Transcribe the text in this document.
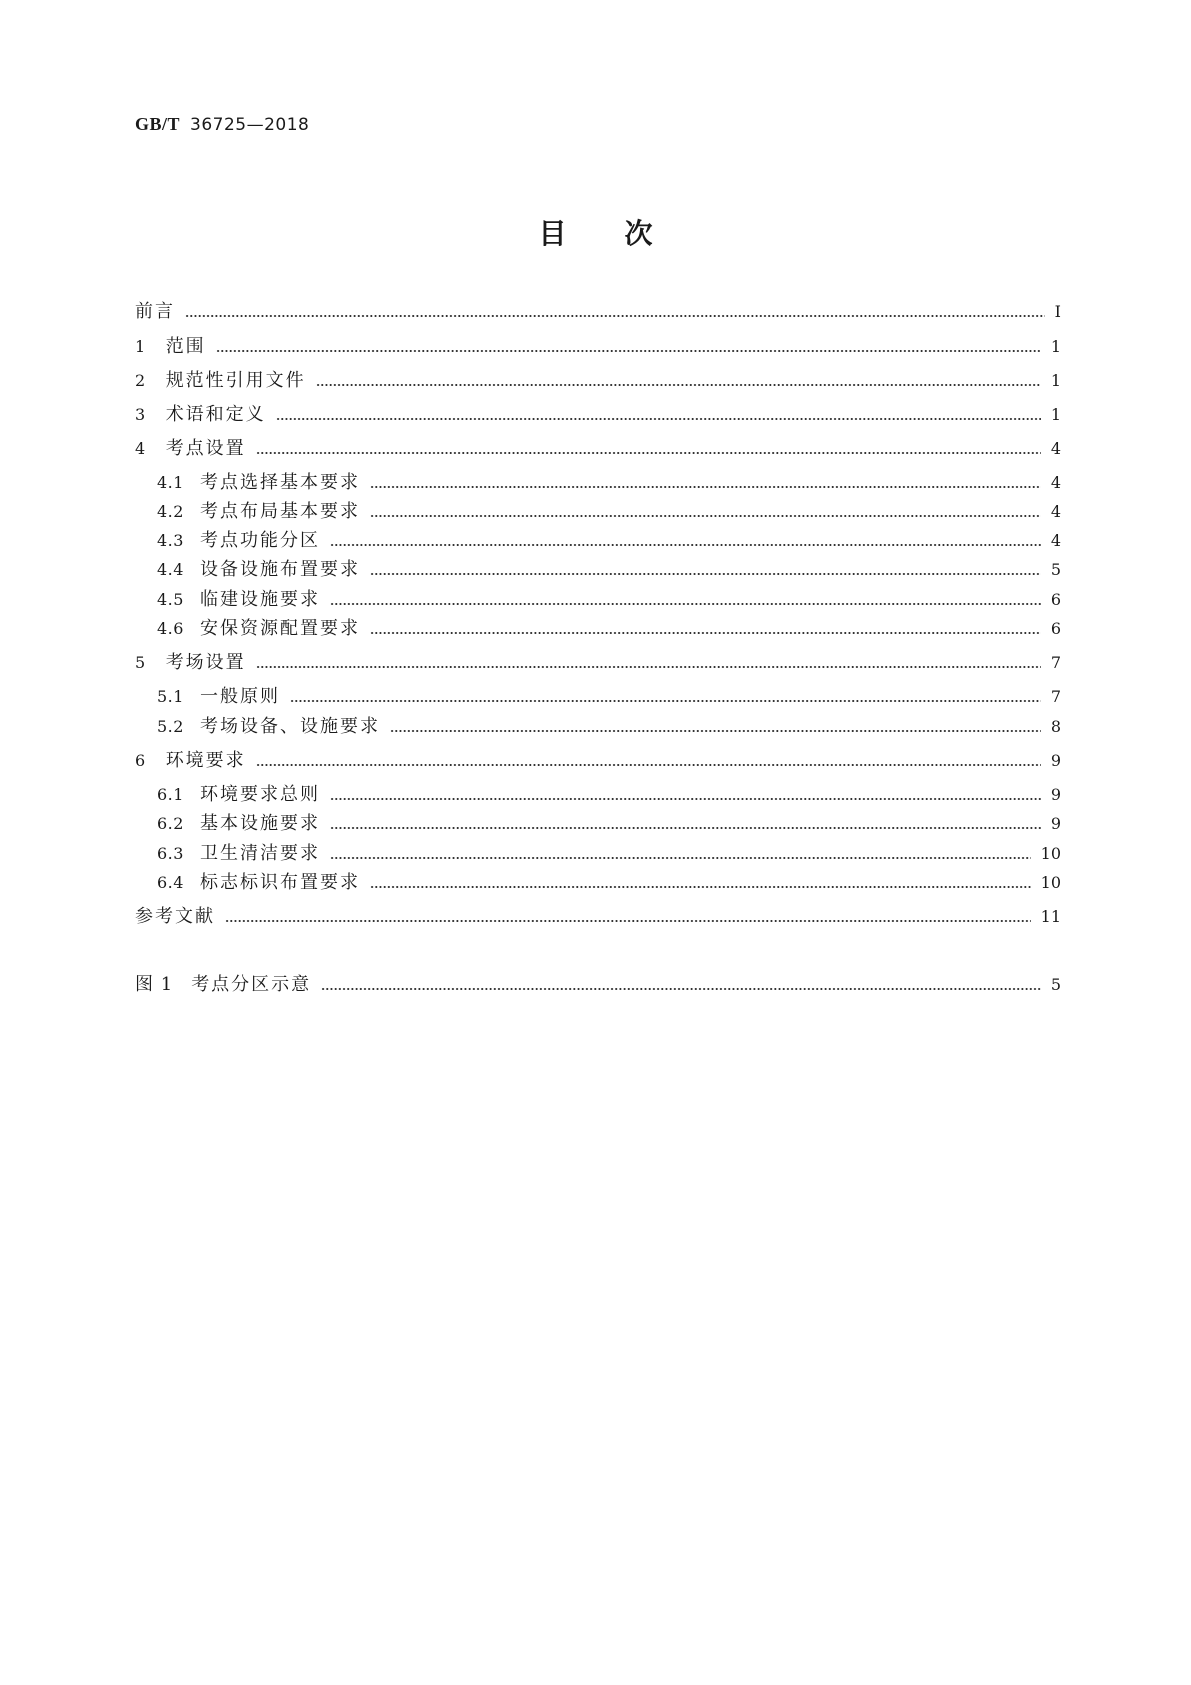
GB/T 36725—2018
目 次
前言	Ⅰ
1 范围	1
2 规范性引用文件	1
3 术语和定义	1
4 考点设置	4
4.1 考点选择基本要求	4
4.2 考点布局基本要求	4
4.3 考点功能分区	4
4.4 设备设施布置要求	5
4.5 临建设施要求	6
4.6 安保资源配置要求	6
5 考场设置	7
5.1 一般原则	7
5.2 考场设备、设施要求	8
6 环境要求	9
6.1 环境要求总则	9
6.2 基本设施要求	9
6.3 卫生清洁要求	10
6.4 标志标识布置要求	10
参考文献	11
图 1 考点分区示意	5
